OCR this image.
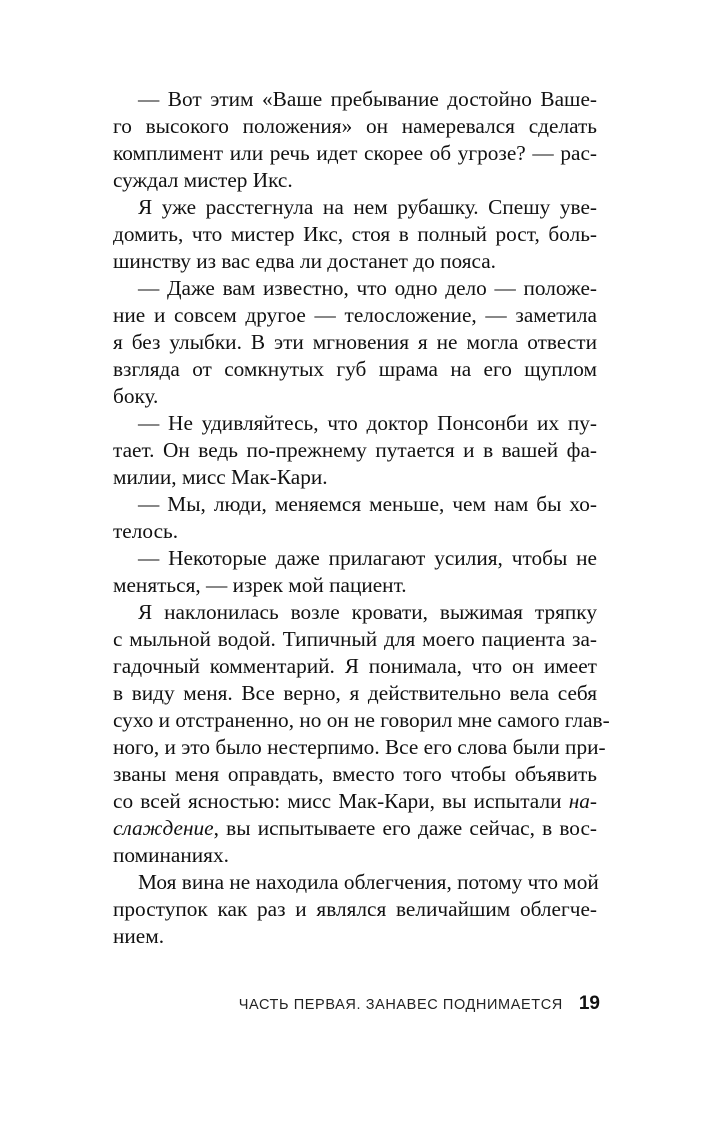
— Вот этим «Ваше пребывание достойно Ваше-
го высокого положения» он намеревался сделать
комплимент или речь идет скорее об угрозе? — рас-
суждал мистер Икс.
Я уже расстегнула на нем рубашку. Спешу уве-
домить, что мистер Икс, стоя в полный рост, боль-
шинству из вас едва ли достанет до пояса.
— Даже вам известно, что одно дело — положе-
ние и совсем другое — телосложение, — заметила
я без улыбки. В эти мгновения я не могла отвести
взгляда от сомкнутых губ шрама на его щуплом
боку.
— Не удивляйтесь, что доктор Понсонби их пу-
тает. Он ведь по-прежнему путается и в вашей фа-
милии, мисс Мак-Кари.
— Мы, люди, меняемся меньше, чем нам бы хо-
телось.
— Некоторые даже прилагают усилия, чтобы не
меняться, — изрек мой пациент.
Я наклонилась возле кровати, выжимая тряпку
с мыльной водой. Типичный для моего пациента за-
гадочный комментарий. Я понимала, что он имеет
в виду меня. Все верно, я действительно вела себя
сухо и отстраненно, но он не говорил мне самого глав-
ного, и это было нестерпимо. Все его слова были при-
званы меня оправдать, вместо того чтобы объявить
со всей ясностью: мисс Мак-Кари, вы испытали на-
слаждение, вы испытываете его даже сейчас, в вос-
поминаниях.
Моя вина не находила облегчения, потому что мой
проступок как раз и являлся величайшим облегче-
нием.
ЧАСТЬ ПЕРВАЯ. ЗАНАВЕС ПОДНИМАЕТСЯ 19
